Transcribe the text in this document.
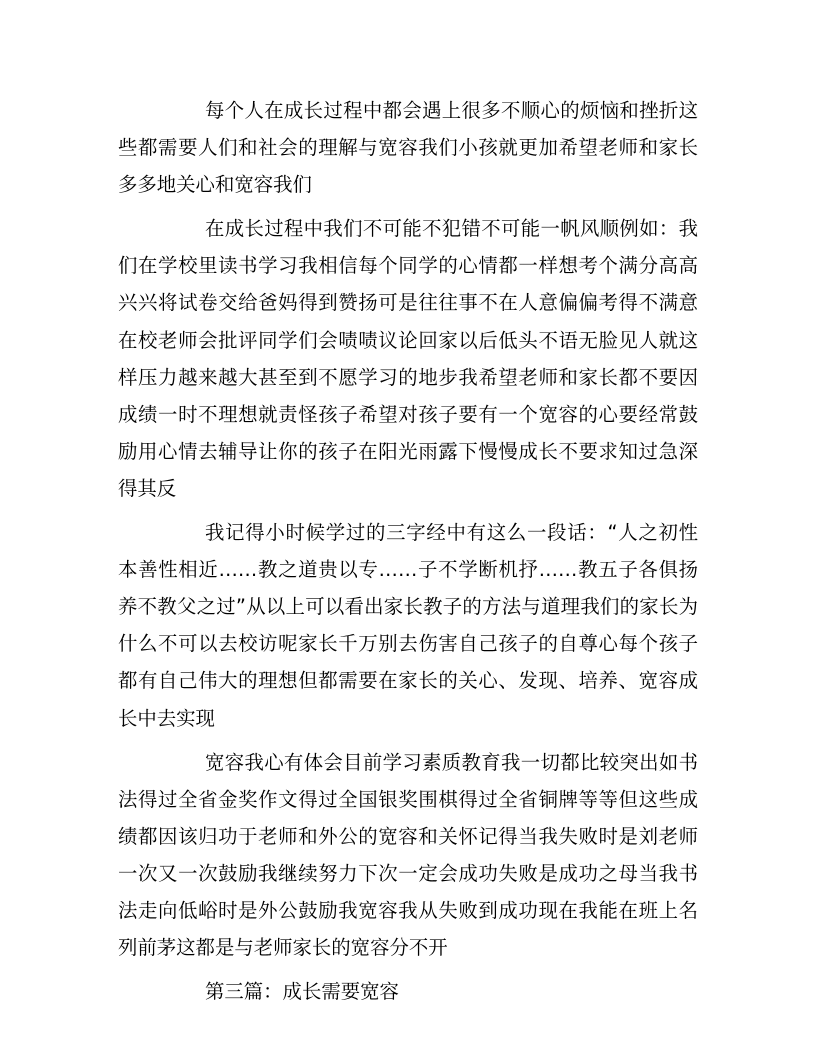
每个人在成长过程中都会遇上很多不顺心的烦恼和挫折这些都需要人们和社会的理解与宽容我们小孩就更加希望老师和家长多多地关心和宽容我们

在成长过程中我们不可能不犯错不可能一帆风顺例如：我们在学校里读书学习我相信每个同学的心情都一样想考个满分高高兴兴将试卷交给爸妈得到赞扬可是往往事不在人意偏偏考得不满意在校老师会批评同学们会啧啧议论回家以后低头不语无脸见人就这样压力越来越大甚至到不愿学习的地步我希望老师和家长都不要因成绩一时不理想就责怪孩子希望对孩子要有一个宽容的心要经常鼓励用心情去辅导让你的孩子在阳光雨露下慢慢成长不要求知过急深得其反

我记得小时候学过的三字经中有这么一段话：“人之初性本善性相近……教之道贵以专……子不学断机抒……教五子各俱扬养不教父之过”从以上可以看出家长教子的方法与道理我们的家长为什么不可以去校访呢家长千万别去伤害自己孩子的自尊心每个孩子都有自己伟大的理想但都需要在家长的关心、发现、培养、宽容成长中去实现

宽容我心有体会目前学习素质教育我一切都比较突出如书法得过全省金奖作文得过全国银奖围棋得过全省铜牌等等但这些成绩都因该归功于老师和外公的宽容和关怀记得当我失败时是刘老师一次又一次鼓励我继续努力下次一定会成功失败是成功之母当我书法走向低峪时是外公鼓励我宽容我从失败到成功现在我能在班上名列前茅这都是与老师家长的宽容分不开

第三篇：成长需要宽容
